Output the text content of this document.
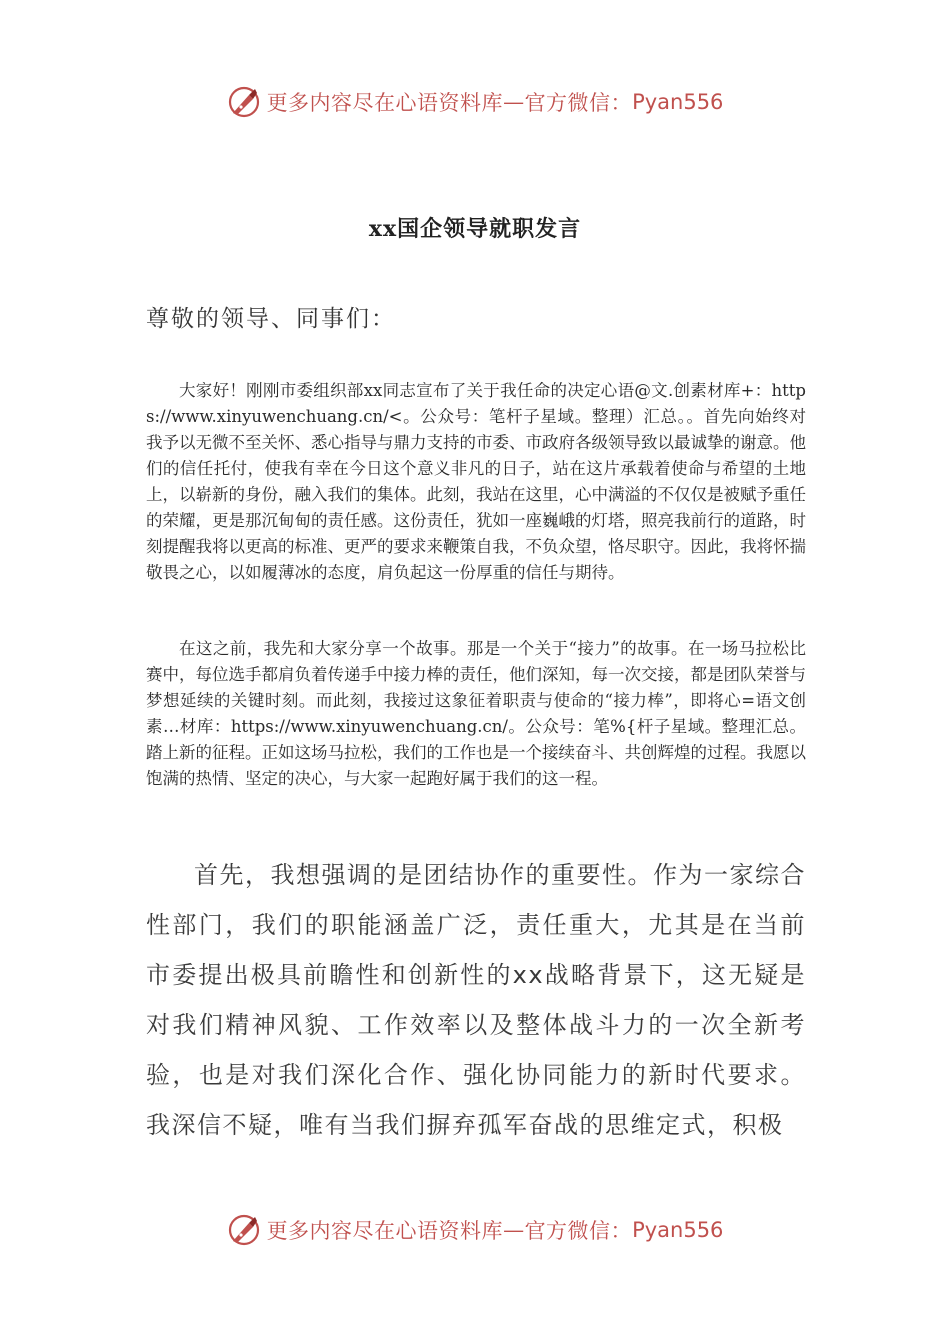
更多内容尽在心语资料库 — 官方微信： Pyan556
xx国企领导就职发言
尊敬的领导、同事们：

大家好！刚刚市委组织部xx同志宣布了关于我任命的决定心语@文.创素材库+：https://www.xinyuwenchuang.cn/<。公众号：笔杆子星域。整理）汇总。。首先向始终对我予以无微不至关怀、悉心指导与鼎力支持的市委、市政府各级领导致以最诚挚的谢意。他们的信任托付，使我有幸在今日这个意义非凡的日子，站在这片承载着使命与希望的土地上，以崭新的身份，融入我们的集体。此刻，我站在这里，心中满溢的不仅仅是被赋予重任的荣耀，更是那沉甸甸的责任感。这份责任，犹如一座巍峨的灯塔，照亮我前行的道路，时刻提醒我将以更高的标准、更严的要求来鞭策自我，不负众望，恪尽职守。因此，我将怀揣敬畏之心，以如履薄冰的态度，肩负起这一份厚重的信任与期待。

在这之前，我先和大家分享一个故事。那是一个关于“接力”的故事。在一场马拉松比赛中，每位选手都肩负着传递手中接力棒的责任，他们深知，每一次交接，都是团队荣誉与梦想延续的关键时刻。而此刻，我接过这象征着职责与使命的“接力棒”，即将心=语文创素…材库：https://www.xinyuwenchuang.cn/。公众号：笔%{杆子星域。整理汇总。踏上新的征程。正如这场马拉松，我们的工作也是一个接续奋斗、共创辉煌的过程。我愿以饱满的热情、坚定的决心，与大家一起跑好属于我们的这一程。

首先，我想强调的是团结协作的重要性。作为一家综合性部门，我们的职能涵盖广泛，责任重大，尤其是在当前市委提出极具前瞻性和创新性的xx战略背景下，这无疑是对我们精神风貌、工作效率以及整体战斗力的一次全新考验，也是对我们深化合作、强化协同能力的新时代要求。我深信不疑，唯有当我们摒弃孤军奋战的思维定式，积极

更多内容尽在心语资料库 — 官方微信： Pyan556
